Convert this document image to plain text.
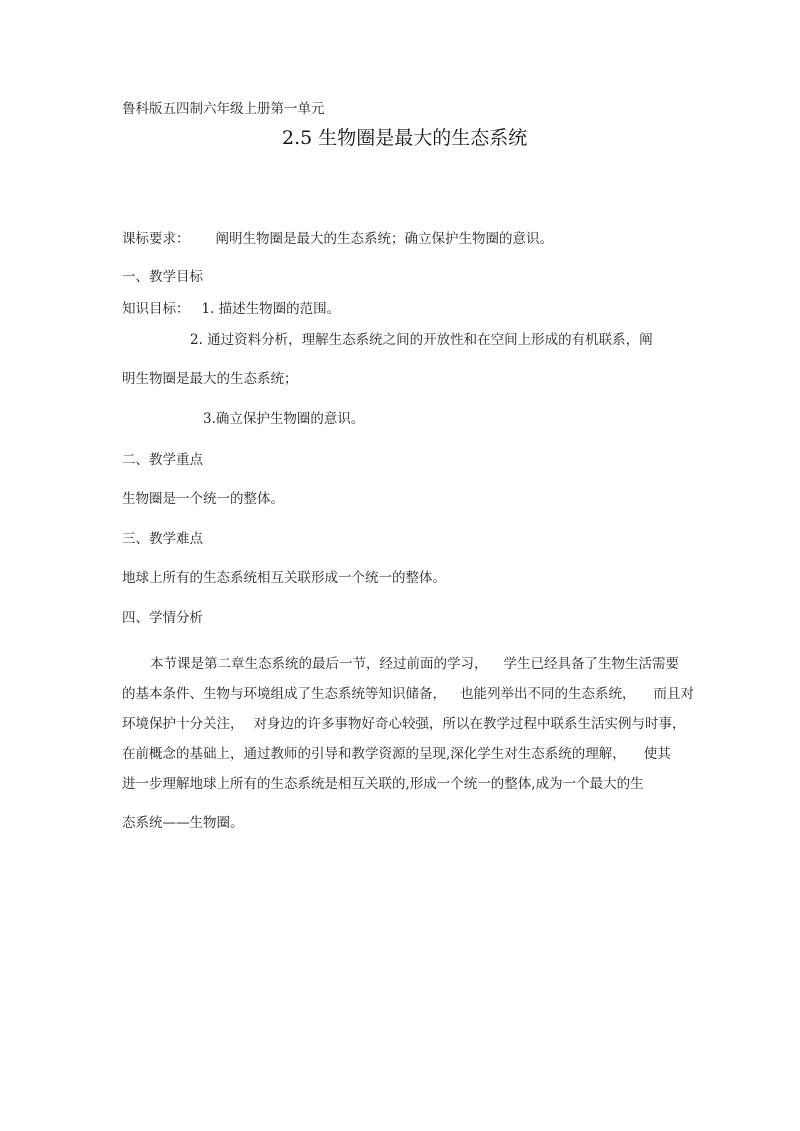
鲁科版五四制六年级上册第一单元

2.5 生物圈是最大的生态系统

课标要求： 阐明生物圈是最大的生态系统；确立保护生物圈的意识。

一、教学目标

知识目标： 1. 描述生物圈的范围。

2. 通过资料分析，理解生态系统之间的开放性和在空间上形成的有机联系，阐

明生物圈是最大的生态系统；

3.确立保护生物圈的意识。

二、教学重点

生物圈是一个统一的整体。

三、教学难点

地球上所有的生态系统相互关联形成一个统一的整体。

四、学情分析

本节课是第二章生态系统的最后一节，经过前面的学习， 学生已经具备了生物生活需要

的基本条件、生物与环境组成了生态系统等知识储备， 也能列举出不同的生态系统， 而且对

环境保护十分关注， 对身边的许多事物好奇心较强，所以在教学过程中联系生活实例与时事，

在前概念的基础上，通过教师的引导和教学资源的呈现,深化学生对生态系统的理解， 使其

进一步理解地球上所有的生态系统是相互关联的,形成一个统一的整体,成为一个最大的生

态系统——生物圈。
